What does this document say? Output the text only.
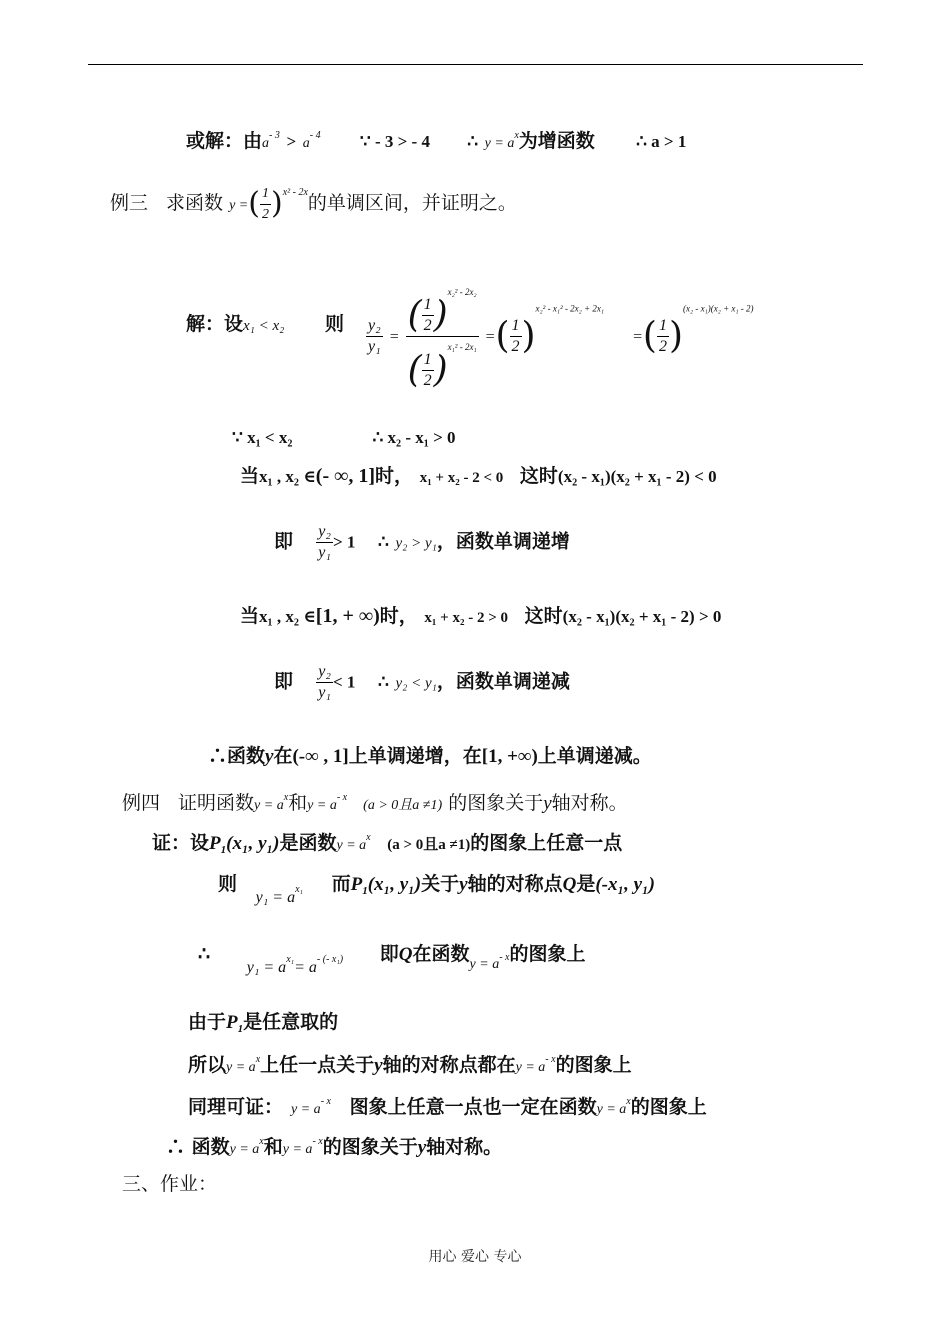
或解：由$a^{- 3} > a^{- 4}$ ∵ - 3 > - 4 ∴ $y = a^x$为增函数 ∴ a > 1
例三 求函数 y =( $\frac{1}{2} )^{x^2 - 2x}$的单调区间，并证明之。
解：设x₁ < x₂ 则 $\frac{\text{y₂}}{\text{y₁}} = \frac{( \frac{1}{2} )^{x_2^2 - 2x_2}}{( \frac{1}{2} )^{x_1^2 - 2x_1}}$ =( $\frac{1}{2} )^{x_2^2 - x_1^2 - 2x_2 + 2x_1}$  =( $\frac{1}{2} )^{(x_2 - x_1)(x_2 + x_1 - 2)}$
∵ x₁ < x₂	∴ x₂ - x₁ > 0
当x₁ , x₂ ∈(- ∞, 1]时， x₁ + x₂ - 2 < 0 这时(x₂ - x₁)(x₂ + x₁ - 2) < 0
即 $\frac{\text{y₂}}{\text{y₁}} > 1$ ∴ y₂ > y₁，函数单调递增
当x₁ , x₂ ∈[1, + ∞)时， x₁ + x₂ - 2 > 0 这时(x₂ - x₁)(x₂ + x₁ - 2) > 0
即 $\frac{\text{y₂}}{\text{y₁}} < 1$ ∴ y₂ < y₁，函数单调递减
∴函数y在(-∞ , 1]上单调递增，在[1, +∞)上单调递减。
例四 证明函数$y = a^x$和$y = a^{- x}$ (a > 0且a ≠1) 的图象关于y轴对称。
证：设$P_1(x_1$, y₁)是函数$y = a^x$ (a > 0且a ≠1)的图象上任意一点
则 $_{y_1 = ax_1}$ 而$P_1(x_1$, y₁)关于y轴的对称点Q是(-x₁, y₁)
∴ $_{y_1 = ax_1= a- (- x_1)}$ 即Q在函数$_{y = a}$- x的图象上
由于$P_1$是任意取的
所以$y = a^x$上任一点关于y轴的对称点都在$y = a^{- x}$的图象上
同理可证： $y = a^{- x}$ 图象上任意一点也一定在函数$y = a^x$的图象上
∴ 函数$y = a^x$和$y = a^{- x}$的图象关于y轴对称。
三、作业：
用心 爱心 专心
